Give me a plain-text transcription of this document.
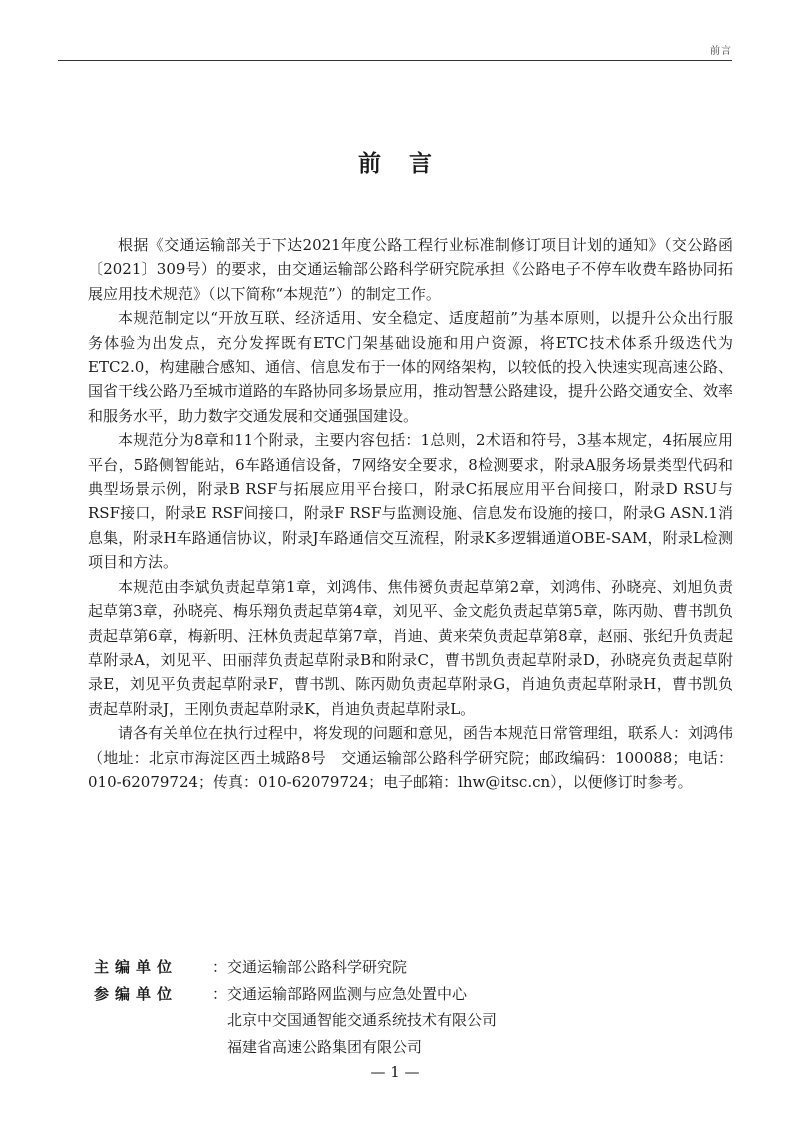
前言
前言

根据《交通运输部关于下达2021年度公路工程行业标准制修订项目计划的通知》（交公路函〔2021〕309号）的要求，由交通运输部公路科学研究院承担《公路电子不停车收费车路协同拓展应用技术规范》（以下简称“本规范”）的制定工作。

本规范制定以“开放互联、经济适用、安全稳定、适度超前”为基本原则，以提升公众出行服务体验为出发点，充分发挥既有ETC门架基础设施和用户资源，将ETC技术体系升级迭代为ETC2.0，构建融合感知、通信、信息发布于一体的网络架构，以较低的投入快速实现高速公路、国省干线公路乃至城市道路的车路协同多场景应用，推动智慧公路建设，提升公路交通安全、效率和服务水平，助力数字交通发展和交通强国建设。

本规范分为8章和11个附录，主要内容包括：1总则，2术语和符号，3基本规定，4拓展应用平台，5路侧智能站，6车路通信设备，7网络安全要求，8检测要求，附录A服务场景类型代码和典型场景示例，附录B RSF与拓展应用平台接口，附录C拓展应用平台间接口，附录D RSU与RSF接口，附录E RSF间接口，附录F RSF与监测设施、信息发布设施的接口，附录G ASN.1消息集，附录H车路通信协议，附录J车路通信交互流程，附录K多逻辑通道OBE-SAM，附录L检测项目和方法。

本规范由李斌负责起草第1章，刘鸿伟、焦伟赟负责起草第2章，刘鸿伟、孙晓亮、刘旭负责起草第3章，孙晓亮、梅乐翔负责起草第4章，刘见平、金文彪负责起草第5章，陈丙勋、曹书凯负责起草第6章，梅新明、汪林负责起草第7章，肖迪、黄来荣负责起草第8章，赵丽、张纪升负责起草附录A，刘见平、田丽萍负责起草附录B和附录C，曹书凯负责起草附录D，孙晓亮负责起草附录E，刘见平负责起草附录F，曹书凯、陈丙勋负责起草附录G，肖迪负责起草附录H，曹书凯负责起草附录J，王刚负责起草附录K，肖迪负责起草附录L。

请各有关单位在执行过程中，将发现的问题和意见，函告本规范日常管理组，联系人：刘鸿伟（地址：北京市海淀区西土城路8号　交通运输部公路科学研究院；邮政编码：100088；电话：010-62079724；传真：010-62079724；电子邮箱：lhw@itsc.cn），以便修订时参考。

主编单位	： 交通运输部公路科学研究院
参编单位	： 交通运输部路网监测与应急处置中心
北京中交国通智能交通系统技术有限公司
福建省高速公路集团有限公司
— 1 —
